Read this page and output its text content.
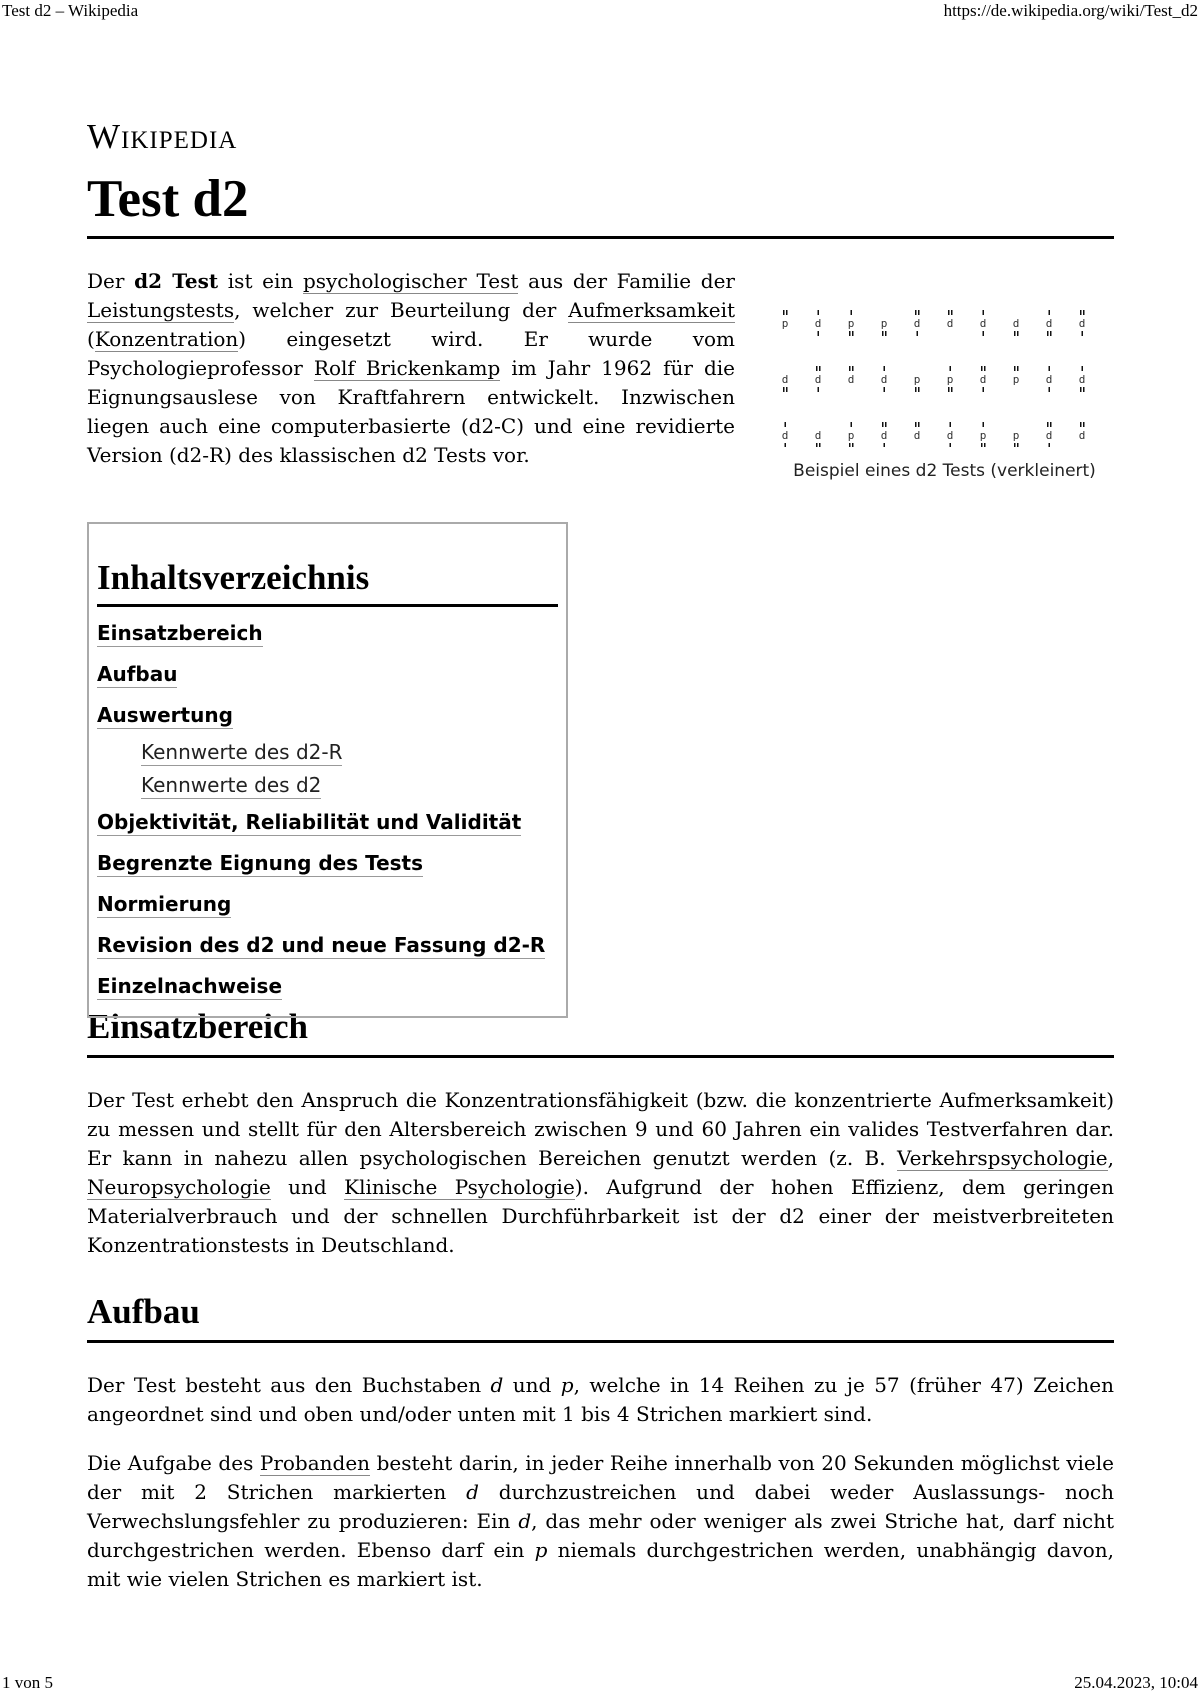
Test d2 – Wikipedia	https://de.wikipedia.org/wiki/Test_d2
Wikipedia
Test d2

Der d2 Test ist ein psychologischer Test aus der Familie der Leistungstests, welcher zur Beurteilung der Aufmerksamkeit (Konzentration) eingesetzt wird. Er wurde vom Psychologieprofessor Rolf Brickenkamp im Jahr 1962 für die Eignungsauslese von Kraftfahrern entwickelt. Inzwischen liegen auch eine computerbasierte (d2-C) und eine revidierte Version (d2-R) des klassischen d2 Tests vor.

p d p p d d d d d d
d d d d p p d p d d
d d p d d d p p d d
Beispiel eines d2 Tests (verkleinert)
Inhaltsverzeichnis
Einsatzbereich
Aufbau
Auswertung
Kennwerte des d2-R
Kennwerte des d2
Objektivität, Reliabilität und Validität
Begrenzte Eignung des Tests
Normierung
Revision des d2 und neue Fassung d2-R
Einzelnachweise
Einsatzbereich

Der Test erhebt den Anspruch die Konzentrationsfähigkeit (bzw. die konzentrierte Aufmerksamkeit) zu messen und stellt für den Altersbereich zwischen 9 und 60 Jahren ein valides Testverfahren dar. Er kann in nahezu allen psychologischen Bereichen genutzt werden (z. B. Verkehrspsychologie, Neuropsychologie und Klinische Psychologie). Aufgrund der hohen Effizienz, dem geringen Materialverbrauch und der schnellen Durchführbarkeit ist der d2 einer der meistverbreiteten Konzentrationstests in Deutschland.

Aufbau

Der Test besteht aus den Buchstaben d und p, welche in 14 Reihen zu je 57 (früher 47) Zeichen angeordnet sind und oben und/oder unten mit 1 bis 4 Strichen markiert sind.

Die Aufgabe des Probanden besteht darin, in jeder Reihe innerhalb von 20 Sekunden möglichst viele der mit 2 Strichen markierten d durchzustreichen und dabei weder Auslassungs- noch Verwechslungsfehler zu produzieren: Ein d, das mehr oder weniger als zwei Striche hat, darf nicht durchgestrichen werden. Ebenso darf ein p niemals durchgestrichen werden, unabhängig davon, mit wie vielen Strichen es markiert ist.

1 von 5	25.04.2023, 10:04
